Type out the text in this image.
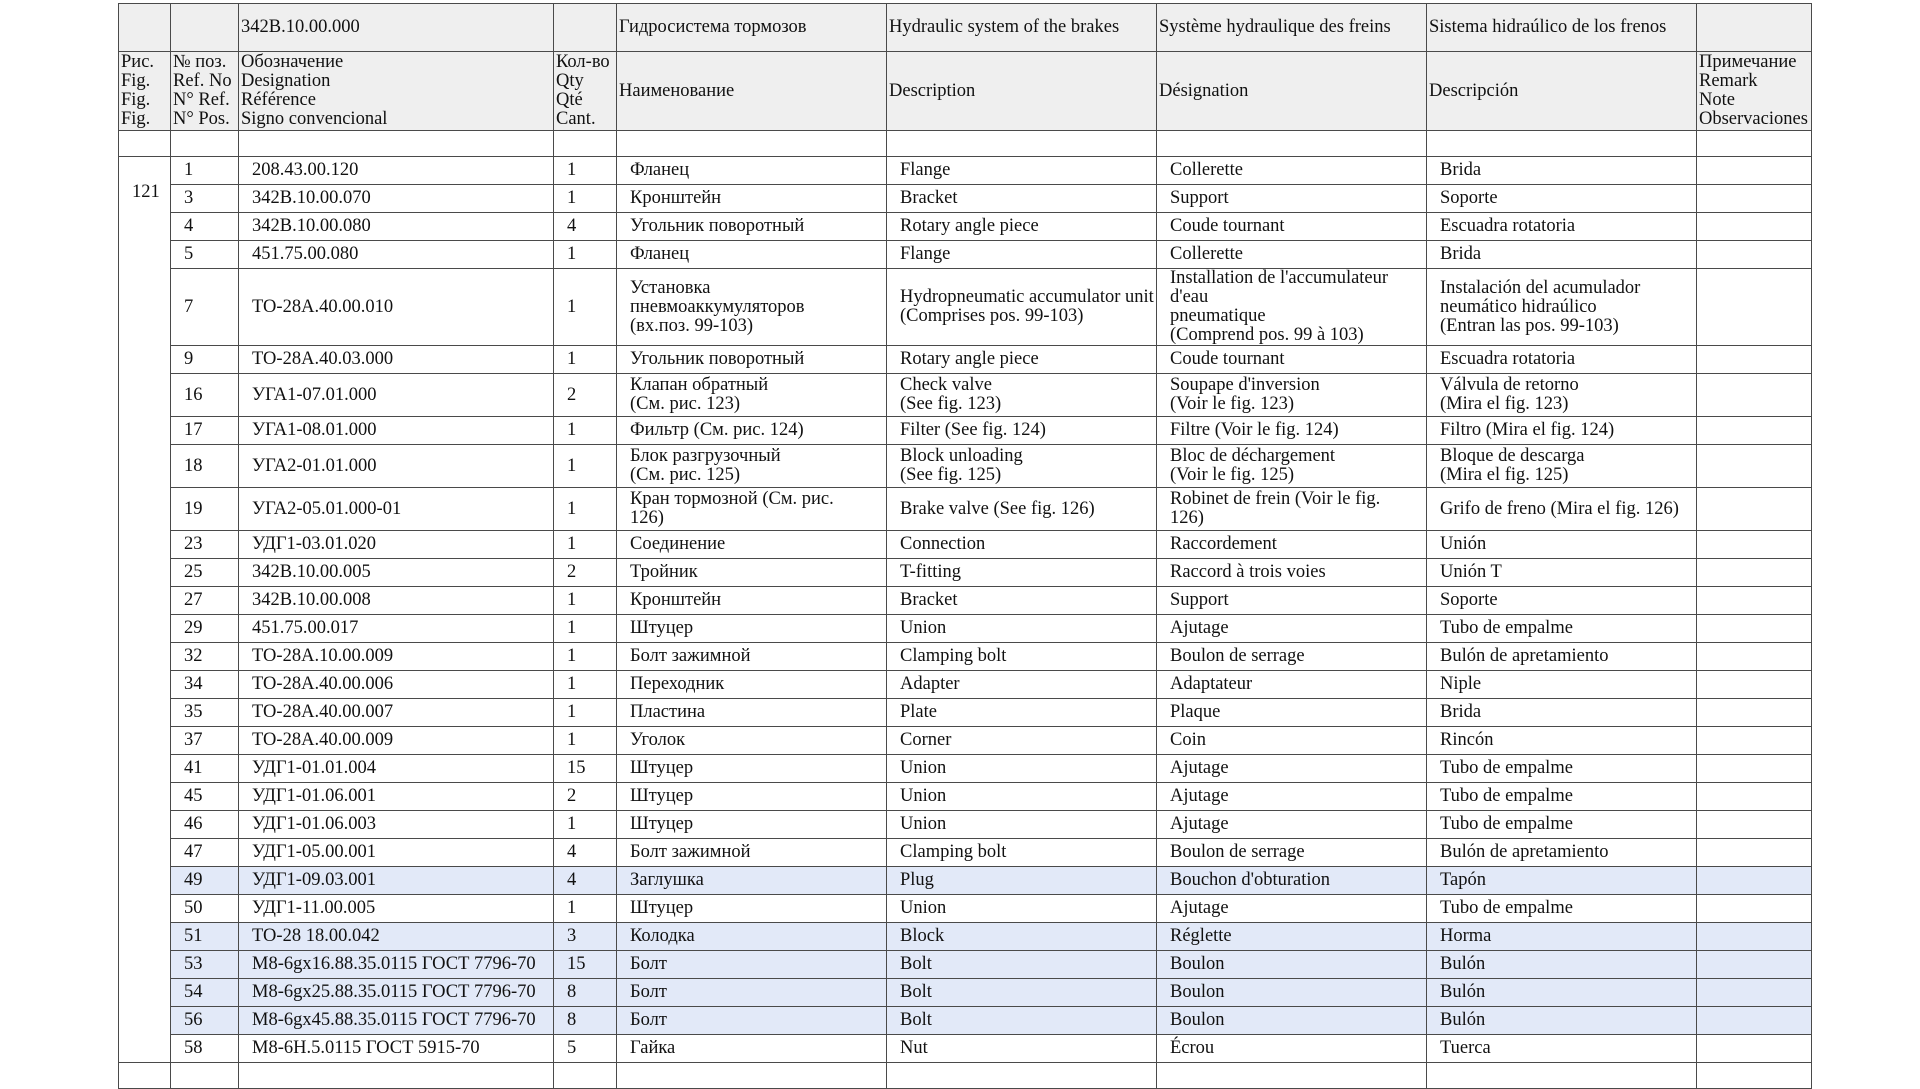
		342В.10.00.000		Гидросистема тормозов	Hydraulic system of the brakes	Système hydraulique des freins	Sistema hidraúlico de los frenos	
Рис.
Fig.
Fig.
Fig.	№ поз.
Ref. No
N° Ref.
N° Pos.	Обозначение
Designation
Référence
Signo convencional	Кол-во
Qty
Qté
Cant.	Наименование	Description	Désignation	Descripción	Примечание
Remark
Note
Observaciones

121	1	208.43.00.120	1	Фланец	Flange	Collerette	Brida	
	3	342В.10.00.070	1	Кронштейн	Bracket	Support	Soporte	
	4	342В.10.00.080	4	Угольник поворотный	Rotary angle piece	Coude tournant	Escuadra rotatoria	
	5	451.75.00.080	1	Фланец	Flange	Collerette	Brida	
	7	ТО-28А.40.00.010	1	Установка
пневмоаккумуляторов
(вх.поз. 99-103)	Hydropneumatic accumulator unit
(Comprises pos. 99-103)	Installation de l'accumulateur d'eau
pneumatique
(Comprend pos. 99 à 103)	Instalación del acumulador
neumático hidraúlico
(Entran las pos. 99-103)	
	9	ТО-28А.40.03.000	1	Угольник поворотный	Rotary angle piece	Coude tournant	Escuadra rotatoria	
	16	УГА1-07.01.000	2	Клапан обратный
(См. рис. 123)	Check valve
(See fig. 123)	Soupape d'inversion
(Voir le fig. 123)	Válvula de retorno
(Mira el fig. 123)	
	17	УГА1-08.01.000	1	Фильтр (См. рис. 124)	Filter (See fig. 124)	Filtre (Voir le fig. 124)	Filtro (Mira el fig. 124)	
	18	УГА2-01.01.000	1	Блок разгрузочный
(См. рис. 125)	Block unloading
(See fig. 125)	Bloc de déchargement
(Voir le fig. 125)	Bloque de descarga
(Mira el fig. 125)	
	19	УГА2-05.01.000-01	1	Кран тормозной (См. рис.
126)	Brake valve (See fig. 126)	Robinet de frein (Voir le fig.
126)	Grifo de freno (Mira el fig. 126)	
	23	УДГ1-03.01.020	1	Соединение	Connection	Raccordement	Unión	
	25	342В.10.00.005	2	Тройник	T-fitting	Raccord à trois voies	Unión T	
	27	342В.10.00.008	1	Кронштейн	Bracket	Support	Soporte	
	29	451.75.00.017	1	Штуцер	Union	Ajutage	Tubo de empalme	
	32	ТО-28А.10.00.009	1	Болт зажимной	Clamping bolt	Boulon de serrage	Bulón de apretamiento	
	34	ТО-28А.40.00.006	1	Переходник	Adapter	Adaptateur	Niple	
	35	ТО-28А.40.00.007	1	Пластина	Plate	Plaque	Brida	
	37	ТО-28А.40.00.009	1	Уголок	Corner	Coin	Rincón	
	41	УДГ1-01.01.004	15	Штуцер	Union	Ajutage	Tubo de empalme	
	45	УДГ1-01.06.001	2	Штуцер	Union	Ajutage	Tubo de empalme	
	46	УДГ1-01.06.003	1	Штуцер	Union	Ajutage	Tubo de empalme	
	47	УДГ1-05.00.001	4	Болт зажимной	Clamping bolt	Boulon de serrage	Bulón de apretamiento	
	49	УДГ1-09.03.001	4	Заглушка	Plug	Bouchon d'obturation	Tapón	
	50	УДГ1-11.00.005	1	Штуцер	Union	Ajutage	Tubo de empalme	
	51	ТО-28 18.00.042	3	Колодка	Block	Réglette	Horma	
	53	М8-6gх16.88.35.0115 ГОСТ 7796-70	15	Болт	Bolt	Boulon	Bulón	
	54	М8-6gх25.88.35.0115 ГОСТ 7796-70	8	Болт	Bolt	Boulon	Bulón	
	56	М8-6gх45.88.35.0115 ГОСТ 7796-70	8	Болт	Bolt	Boulon	Bulón	
	58	М8-6Н.5.0115 ГОСТ 5915-70	5	Гайка	Nut	Écrou	Tuerca	
